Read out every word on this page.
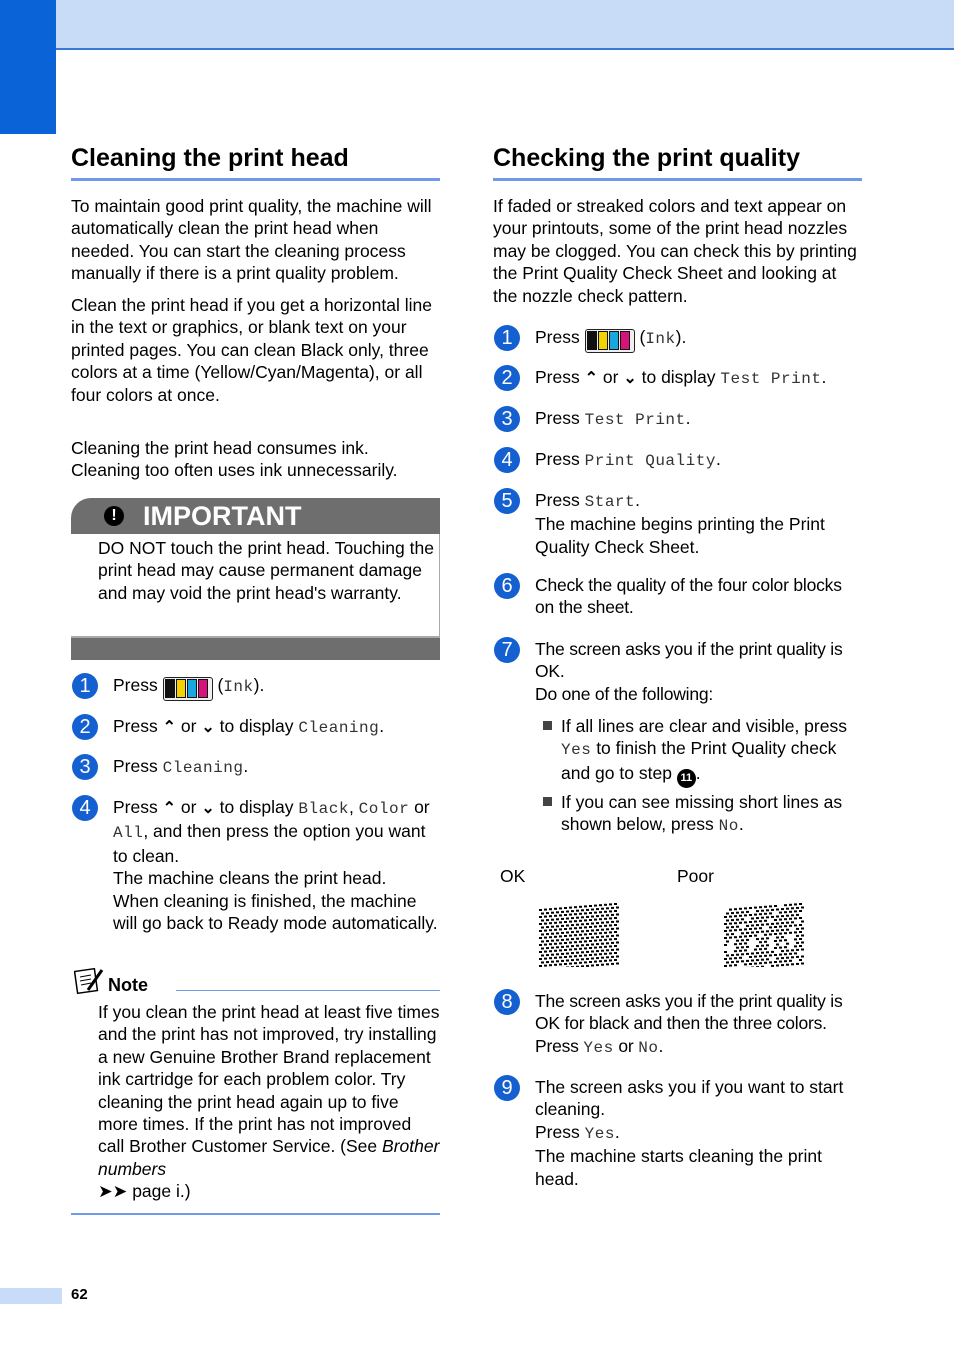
Cleaning the print head

To maintain good print quality, the machine will automatically clean the print head when needed. You can start the cleaning process manually if there is a print quality problem.

Clean the print head if you get a horizontal line in the text or graphics, or blank text on your printed pages. You can clean Black only, three colors at a time (Yellow/Cyan/Magenta), or all four colors at once.

Cleaning the print head consumes ink. Cleaning too often uses ink unnecessarily.

! IMPORTANT
DO NOT touch the print head. Touching the print head may cause permanent damage and may void the print head's warranty.
1	Press	(Ink).
2	Press ⌃ or ⌄ to display Cleaning.
3	Press Cleaning.
4	Press ⌃ or ⌄ to display Black, Color or All, and then press the option you want to clean.
The machine cleans the print head.
When cleaning is finished, the machine will go back to Ready mode automatically.
Note
If you clean the print head at least five times and the print has not improved, try installing a new Genuine Brother Brand replacement ink cartridge for each problem color. Try cleaning the print head again up to five more times. If the print has not improved call Brother Customer Service. (See Brother numbers
➤➤ page i.)
Checking the print quality

If faded or streaked colors and text appear on your printouts, some of the print head nozzles may be clogged. You can check this by printing the Print Quality Check Sheet and looking at the nozzle check pattern.

1	Press	(Ink).
2	Press ⌃ or ⌄ to display Test Print.
3	Press Test Print.
4	Press Print Quality.
5	Press Start.
The machine begins printing the Print Quality Check Sheet.
6	Check the quality of the four color blocks on the sheet.
7	The screen asks you if the print quality is OK.
Do one of the following:
If all lines are clear and visible, press Yes to finish the Print Quality check and go to step 11 .
If you can see missing short lines as shown below, press No.
OK	Poor
8	The screen asks you if the print quality is OK for black and then the three colors.
Press Yes or No.
9	The screen asks you if you want to start cleaning.
Press Yes.
The machine starts cleaning the print head.
62
